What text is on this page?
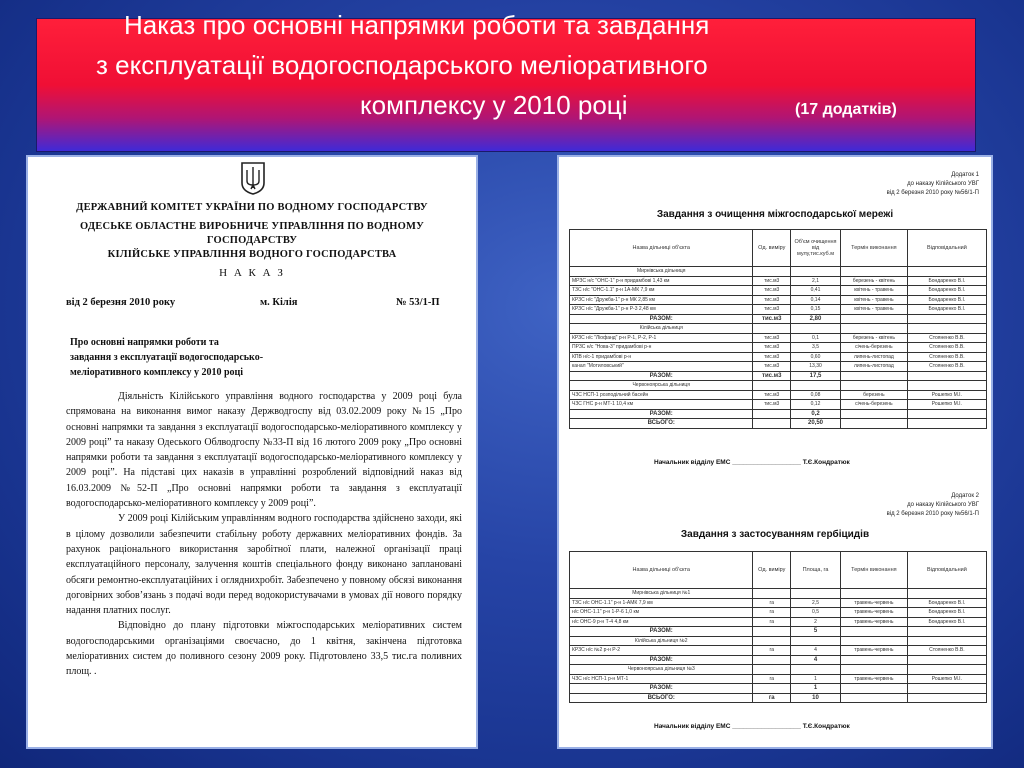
Наказ про основні напрямки роботи та завдання
з експлуатації водогосподарського меліоративного
комплексу у 2010 році	(17 додатків)
ДЕРЖАВНИЙ КОМІТЕТ УКРАЇНИ ПО ВОДНОМУ ГОСПОДАРСТВУ
ОДЕСЬКЕ ОБЛАСТНЕ ВИРОБНИЧЕ УПРАВЛІННЯ ПО ВОДНОМУ
ГОСПОДАРСТВУ
КІЛІЙСЬКЕ УПРАВЛІННЯ ВОДНОГО ГОСПОДАРСТВА
Н А К А З
від 2 березня 2010 року	м. Кілія	№ 53/1-П
Про основні напрямки роботи та
завдання з експлуатації водогосподарсько-
меліоративного комплексу у 2010 році

Діяльність Кілійського управління водного господарства у 2009 році була спрямована на виконання вимог наказу Держводгоспу від 03.02.2009 року №15 „Про основні напрямки та завдання з експлуатації водогосподарсько-меліоративного комплексу у 2009 році” та наказу Одеського Облводгоспу №33-П від 16 лютого 2009 року „Про основні напрямки роботи та завдання з експлуатації водогосподарсько-меліоративного комплексу у 2009 році”. На підставі цих наказів в управлінні розроблений відповідний наказ від 16.03.2009 №52-П „Про основні напрямки роботи та завдання з експлуатації водогосподарсько-меліоративного комплексу у 2009 році”.

У 2009 році Кілійським управлінням водного господарства здійснено заходи, які в цілому дозволили забезпечити стабільну роботу державних меліоративних фондів. За рахунок раціонального використання заробітної плати, належної організації праці експлуатаційного персоналу, залучення коштів спеціального фонду виконано заплановані обсяги ремонтно-експлуатаційних і огляднихробіт. Забезпечено у повному обсязі виконання договірних зобов’язань з подачі води перед водокористувачами в умовах дії нового порядку надання платних послуг.

Відповідно до плану підготовки міжгосподарських меліоративних систем водогосподарськими організаціями своєчасно, до 1 квітня, закінчена підготовка меліоративних систем до поливного сезону 2009 року. Підготовлено 33,5 тис.га поливних площ. .

Додаток 1
до наказу Кілійського УВГ
від 2 березня 2010 року №56/1-П
Завдання з очищення міжгосподарської мережі
Назва дільниці об'єкта	Од. виміру	Об'єм очищення від мулу,тис.куб.м	Термін виконання	Відповідальний
Мирнівська дільниця				
МРЗС н/с "ОНС-1" р-н придамбові 1,43 км	тис.м3	2,1	березень - квітень	Бондаренко В.І.
ТЗС н/с "ОНС-1.1" р-н 1А-МК 7,9 км	тис.м3	0,41	квітень - травень	Бондаренко В.І.
КРЗС н/с "Дружба-1" р-н МК 2,85 км	тис.м3	0,14	квітень - травень	Бондаренко В.І.
КРЗС н/с "Дружба-1" р-н Р-3 2,48 км	тис.м3	0,15	квітень - травень	Бондаренко В.І.
РАЗОМ:	тис.м3	2,80		
Кілійська дільниця				
КРЗС н/с "Ліофанд" р-н Р-1, Р-2, Р-1	тис.м3	0,1	березень - квітень	Стояненко В.В.
ПРЗС н/с "Нова-3" придамбові р-н	тис.м3	3,5	січень-березень	Стояненко В.В.
КПВ н/с-1 придамбові р-н	тис.м3	0,60	липень-листопад	Стояненко В.В.
канал "Мотиловський"	тис.м3	13,30	липень-листопад	Стояненко В.В.
РАЗОМ:	тис.м3	17,5		
Червоноярська дільниця				
ЧЗС НСП-1 розподільчий басейн	тис.м3	0,08	березень	Рошепко М.І.
ЧЗС ГНС р-н МТ-1 10,4 км	тис.м3	0,12	січень-березень	Рошепко М.І.
РАЗОМ:		0,2		
ВСЬОГО:		20,50		
Начальник відділу ЕМС ___________________ Т.Є.Кондратюк
Додаток 2
до наказу Кілійського УВГ
від 2 березня 2010 року №56/1-П
Завдання з застосуванням гербіцидів
Назва дільниці об'єкта	Од. виміру	Площа, га	Термін виконання	Відповідальний
Мирнівська дільниця №1				
ТЗС н/с ОНС-1.1" р-н 1-АМК 7,9 км	га	2,5	травень-червень	Бондаренко В.І.
н/с ОНС-1.1" р-н 1-Р-6 1,0 км	га	0,5	травень-червень	Бондаренко В.І.
н/с ОНС-9 р-н Т-4 4,8 км	га	2	травень-червень	Бондаренко В.І.
РАЗОМ:		5		
Кілійська дільниця №2				
КРЗС н/с №2 р-н Р-2	га	4	травень-червень	Стояненко В.В.
РАЗОМ:		4		
Червоноярська дільниця №3				
ЧЗС н/с НСП-1 р-н МТ-1	га	1	травень-червень	Рошепко М.І.
РАЗОМ:		1		
ВСЬОГО:	га	10		
Начальник відділу ЕМС ___________________ Т.Є.Кондратюк
